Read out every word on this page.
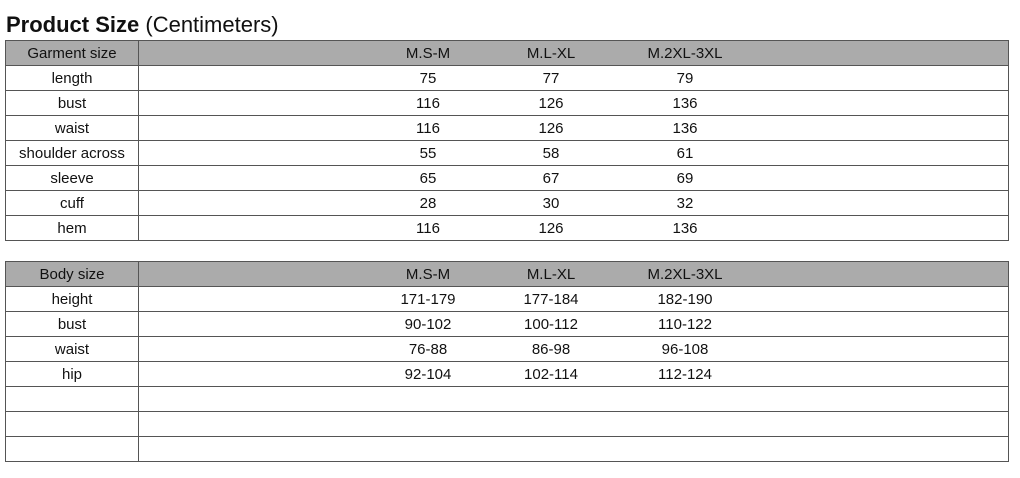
Product Size (Centimeters)
Garment size	M.S-M M.L-XL M.2XL-3XL

length	75 77 79

bust	116 126 136

waist	116 126 136

shoulder across	55 58 61

sleeve	65 67 69

cuff	28 30 32

hem	116 126 136
Body size	M.S-M M.L-XL M.2XL-3XL

height	171-179 177-184 182-190

bust	90-102 100-112 110-122

waist	76-88 86-98 96-108

hip	92-104 102-114 112-124
